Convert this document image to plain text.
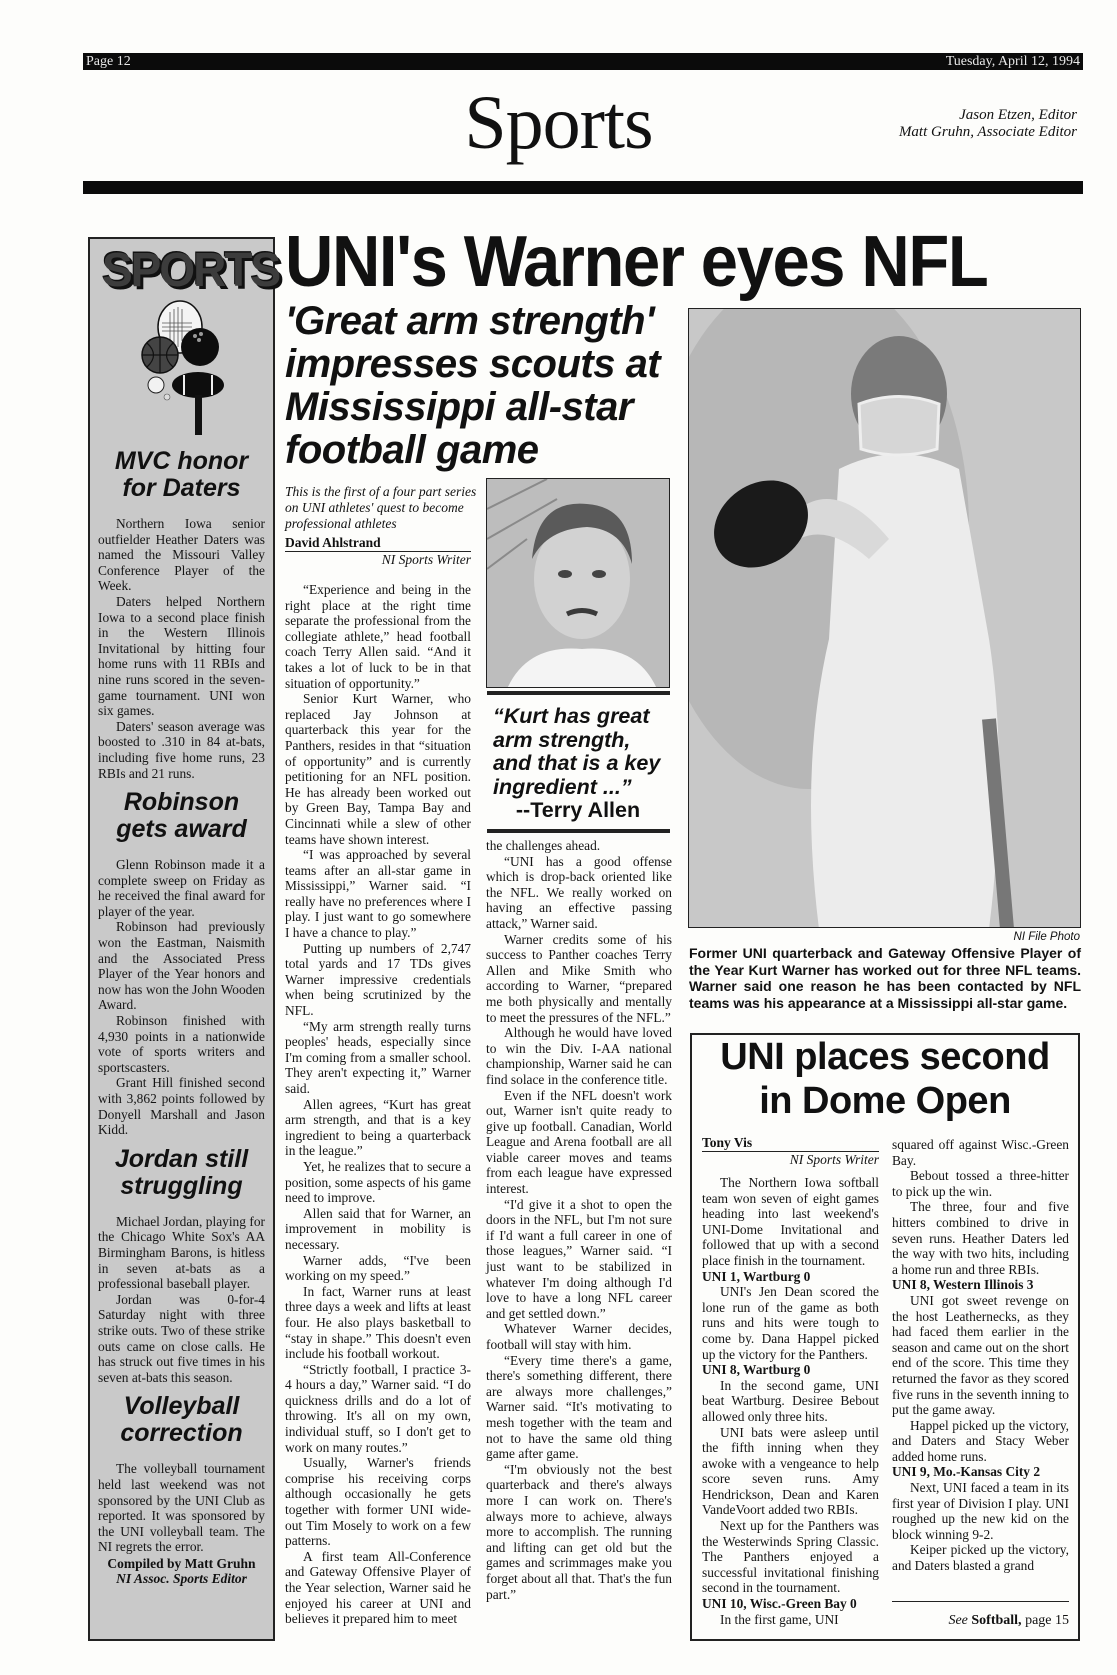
Page 12	Tuesday, April 12, 1994
Sports	Jason Etzen, Editor
Matt Gruhn, Associate Editor
SPORTS
MVC honor for Daters

Northern Iowa senior outfielder Heather Daters was named the Missouri Valley Conference Player of the Week.

Daters helped Northern Iowa to a second place finish in the Western Illinois Invitational by hitting four home runs with 11 RBIs and nine runs scored in the seven-game tournament. UNI won six games.

Daters' season average was boosted to .310 in 84 at-bats, including five home runs, 23 RBIs and 21 runs.

Robinson gets award

Glenn Robinson made it a complete sweep on Friday as he received the final award for player of the year.

Robinson had previously won the Eastman, Naismith and the Associated Press Player of the Year honors and now has won the John Wooden Award.

Robinson finished with 4,930 points in a nationwide vote of sports writers and sportscasters.

Grant Hill finished second with 3,862 points followed by Donyell Marshall and Jason Kidd.

Jordan still struggling

Michael Jordan, playing for the Chicago White Sox's AA Birmingham Barons, is hitless in seven at-bats as a professional baseball player.

Jordan was 0-for-4 Saturday night with three strike outs. Two of these strike outs came on close calls. He has struck out five times in his seven at-bats this season.

Volleyball correction

The volleyball tournament held last weekend was not sponsored by the UNI Club as reported. It was sponsored by the UNI volleyball team. The NI regrets the error.

Compiled by Matt Gruhn
NI Assoc. Sports Editor
UNI's Warner eyes NFL
'Great arm strength' impresses scouts at Mississippi all-star football game
This is the first of a four part series on UNI athletes' quest to become professional athletes
David Ahlstrand
NI Sports Writer

“Experience and being in the right place at the right time separate the professional from the collegiate athlete,” head football coach Terry Allen said. “And it takes a lot of luck to be in that situation of opportunity.”

Senior Kurt Warner, who replaced Jay Johnson at quarterback this year for the Panthers, resides in that “situation of opportunity” and is currently petitioning for an NFL position. He has already been worked out by Green Bay, Tampa Bay and Cincinnati while a slew of other teams have shown interest.

“I was approached by several teams after an all-star game in Mississippi,” Warner said. “I really have no preferences where I play. I just want to go somewhere I have a chance to play.”

Putting up numbers of 2,747 total yards and 17 TDs gives Warner impressive credentials when being scrutinized by the NFL.

“My arm strength really turns peoples' heads, especially since I'm coming from a smaller school. They aren't expecting it,” Warner said.

Allen agrees, “Kurt has great arm strength, and that is a key ingredient to being a quarterback in the league.”

Yet, he realizes that to secure a position, some aspects of his game need to improve.

Allen said that for Warner, an improvement in mobility is necessary.

Warner adds, “I've been working on my speed.”

In fact, Warner runs at least three days a week and lifts at least four. He also plays basketball to “stay in shape.” This doesn't even include his football workout.

“Strictly football, I practice 3-4 hours a day,” Warner said. “I do quickness drills and do a lot of throwing. It's all on my own, individual stuff, so I don't get to work on many routes.”

Usually, Warner's friends comprise his receiving corps although occasionally he gets together with former UNI wide-out Tim Mosely to work on a few patterns.

A first team All-Conference and Gateway Offensive Player of the Year selection, Warner said he enjoyed his career at UNI and believes it prepared him to meet

“Kurt has great arm strength, and that is a key ingredient ...”
--Terry Allen

the challenges ahead.

“UNI has a good offense which is drop-back oriented like the NFL. We really worked on having an effective passing attack,” Warner said.

Warner credits some of his success to Panther coaches Terry Allen and Mike Smith who according to Warner, “prepared me both physically and mentally to meet the pressures of the NFL.”

Although he would have loved to win the Div. I-AA national championship, Warner said he can find solace in the conference title.

Even if the NFL doesn't work out, Warner isn't quite ready to give up football. Canadian, World League and Arena football are all viable career moves and teams from each league have expressed interest.

“I'd give it a shot to open the doors in the NFL, but I'm not sure if I'd want a full career in one of those leagues,” Warner said. “I just want to be stabilized in whatever I'm doing although I'd love to have a long NFL career and get settled down.”

Whatever Warner decides, football will stay with him.

“Every time there's a game, there's something different, there are always more challenges,” Warner said. “It's motivating to mesh together with the team and not to have the same old thing game after game.

“I'm obviously not the best quarterback and there's always more I can work on. There's always more to achieve, always more to accomplish. The running and lifting can get old but the games and scrimmages make you forget about all that. That's the fun part.”

NI File Photo
Former UNI quarterback and Gateway Offensive Player of the Year Kurt Warner has worked out for three NFL teams. Warner said one reason he has been contacted by NFL teams was his appearance at a Mississippi all-star game.
UNI places second
in Dome Open
Tony Vis
NI Sports Writer

The Northern Iowa softball team won seven of eight games heading into last weekend's UNI-Dome Invitational and followed that up with a second place finish in the tournament.

UNI 1, Wartburg 0

UNI's Jen Dean scored the lone run of the game as both runs and hits were tough to come by. Dana Happel picked up the victory for the Panthers.

UNI 8, Wartburg 0

In the second game, UNI beat Wartburg. Desiree Bebout allowed only three hits.

UNI bats were asleep until the fifth inning when they awoke with a vengeance to help score seven runs. Amy Hendrickson, Dean and Karen VandeVoort added two RBIs.

Next up for the Panthers was the Westerwinds Spring Classic. The Panthers enjoyed a successful invitational finishing second in the tournament.

UNI 10, Wisc.-Green Bay 0

In the first game, UNI

squared off against Wisc.-Green Bay.

Bebout tossed a three-hitter to pick up the win.

The three, four and five hitters combined to drive in seven runs. Heather Daters led the way with two hits, including a home run and three RBIs.

UNI 8, Western Illinois 3

UNI got sweet revenge on the host Leathernecks, as they had faced them earlier in the season and came out on the short end of the score. This time they returned the favor as they scored five runs in the seventh inning to put the game away.

Happel picked up the victory, and Daters and Stacy Weber added home runs.

UNI 9, Mo.-Kansas City 2

Next, UNI faced a team in its first year of Division I play. UNI roughed up the new kid on the block winning 9-2.

Keiper picked up the victory, and Daters blasted a grand

See Softball, page 15
